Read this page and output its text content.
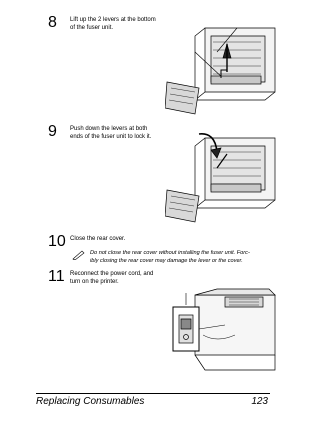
8	Lift up the 2 levers at the bottom
of the fuser unit.
9	Push down the levers at both
ends of the fuser unit to lock it.
10 Close the rear cover.
Do not close the rear cover without installing the fuser unit. Forc-
ibly closing the rear cover may damage the lever or the cover.
11 Reconnect the power cord, and
turn on the printer.
Replacing Consumables	123
